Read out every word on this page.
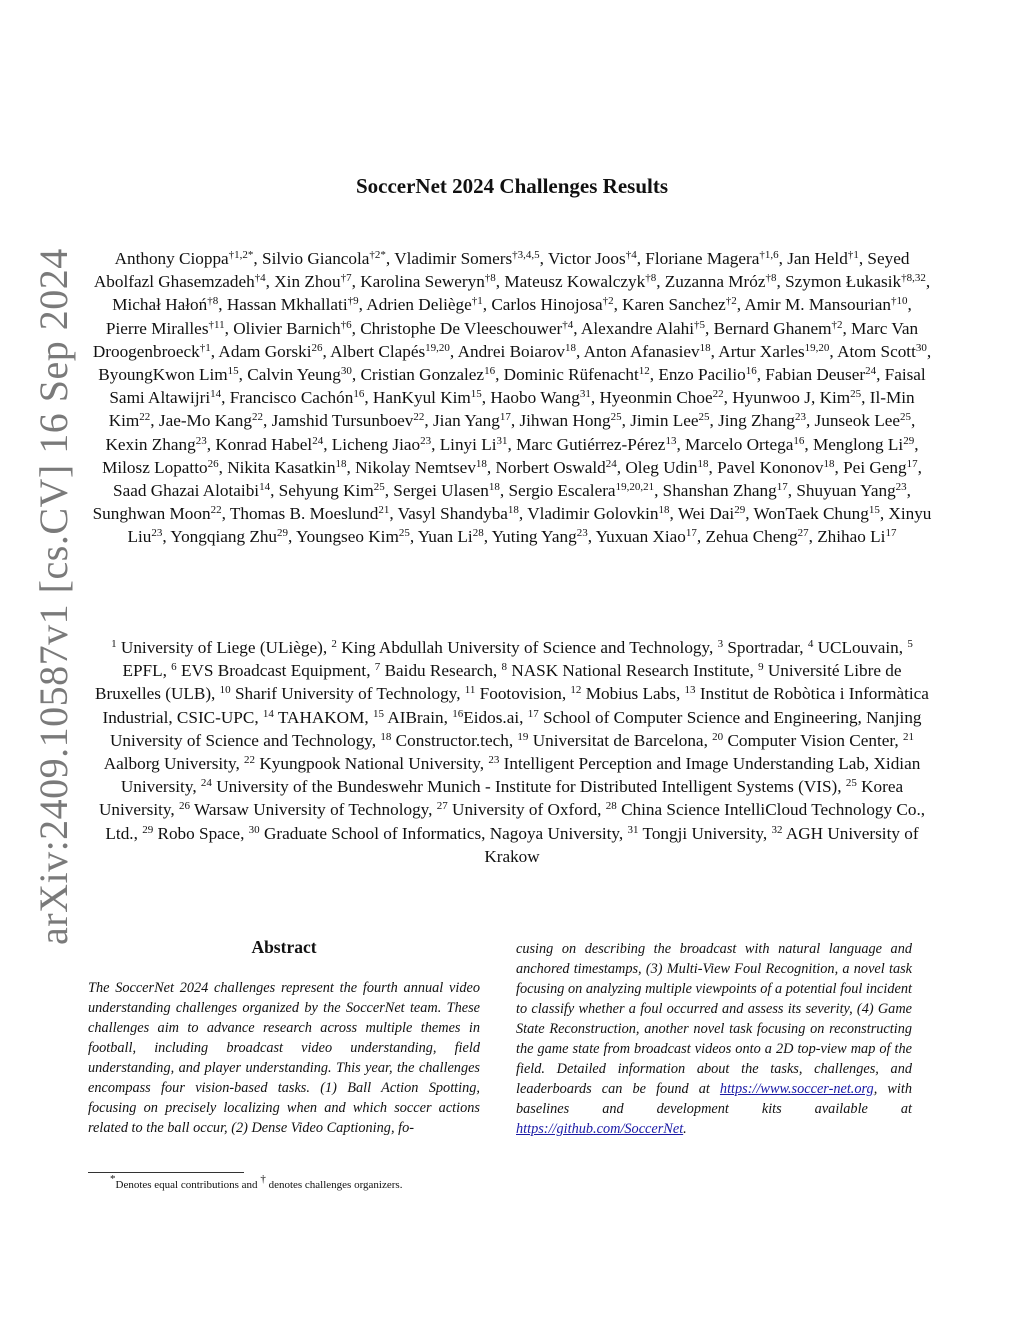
arXiv:2409.10587v1 [cs.CV] 16 Sep 2024
SoccerNet 2024 Challenges Results
Anthony Cioppa$^{\dagger 1,2*}$, Silvio Giancola$^{\dagger 2*}$, Vladimir Somers$^{\dagger 3,4,5}$, Victor Joos$^{\dagger 4}$, Floriane Magera$^{\dagger 1,6}$, Jan Held$^{\dagger 1}$, Seyed Abolfazl Ghasemzadeh$^{\dagger 4}$, Xin Zhou$^{\dagger 7}$, Karolina Seweryn$^{\dagger 8}$, Mateusz Kowalczyk$^{\dagger 8}$, Zuzanna Mróz$^{\dagger 8}$, Szymon Łukasik$^{\dagger 8,32}$, Michał Hałoń$^{\dagger 8}$, Hassan Mkhallati$^{\dagger 9}$, Adrien Deliège$^{\dagger 1}$, Carlos Hinojosa$^{\dagger 2}$, Karen Sanchez$^{\dagger 2}$, Amir M. Mansourian$^{\dagger 10}$, Pierre Miralles$^{\dagger 11}$, Olivier Barnich$^{\dagger 6}$, Christophe De Vleeschouwer$^{\dagger 4}$, Alexandre Alahi$^{\dagger 5}$, Bernard Ghanem$^{\dagger 2}$, Marc Van Droogenbroeck$^{\dagger 1}$, Adam Gorski$^{26}$, Albert Clapés$^{19,20}$, Andrei Boiarov$^{18}$, Anton Afanasiev$^{18}$, Artur Xarles$^{19,20}$, Atom Scott$^{30}$, ByoungKwon Lim$^{15}$, Calvin Yeung$^{30}$, Cristian Gonzalez$^{16}$, Dominic Rüfenacht$^{12}$, Enzo Pacilio$^{16}$, Fabian Deuser$^{24}$, Faisal Sami Altawijri$^{14}$, Francisco Cachón$^{16}$, HanKyul Kim$^{15}$, Haobo Wang$^{31}$, Hyeonmin Choe$^{22}$, Hyunwoo J, Kim$^{25}$, Il-Min Kim$^{22}$, Jae-Mo Kang$^{22}$, Jamshid Tursunboev$^{22}$, Jian Yang$^{17}$, Jihwan Hong$^{25}$, Jimin Lee$^{25}$, Jing Zhang$^{23}$, Junseok Lee$^{25}$, Kexin Zhang$^{23}$, Konrad Habel$^{24}$, Licheng Jiao$^{23}$, Linyi Li$^{31}$, Marc Gutiérrez-Pérez$^{13}$, Marcelo Ortega$^{16}$, Menglong Li$^{29}$, Milosz Lopatto$^{26}$, Nikita Kasatkin$^{18}$, Nikolay Nemtsev$^{18}$, Norbert Oswald$^{24}$, Oleg Udin$^{18}$, Pavel Kononov$^{18}$, Pei Geng$^{17}$, Saad Ghazai Alotaibi$^{14}$, Sehyung Kim$^{25}$, Sergei Ulasen$^{18}$, Sergio Escalera$^{19,20,21}$, Shanshan Zhang$^{17}$, Shuyuan Yang$^{23}$, Sunghwan Moon$^{22}$, Thomas B. Moeslund$^{21}$, Vasyl Shandyba$^{18}$, Vladimir Golovkin$^{18}$, Wei Dai$^{29}$, WonTaek Chung$^{15}$, Xinyu Liu$^{23}$, Yongqiang Zhu$^{29}$, Youngseo Kim$^{25}$, Yuan Li$^{28}$, Yuting Yang$^{23}$, Yuxuan Xiao$^{17}$, Zehua Cheng$^{27}$, Zhihao Li$^{17}$
$^1$ University of Liege (ULiège), $^2$ King Abdullah University of Science and Technology, $^3$ Sportradar, $^4$ UCLouvain, $^5$ EPFL, $^6$ EVS Broadcast Equipment, $^7$ Baidu Research, $^8$ NASK National Research Institute, $^9$ Université Libre de Bruxelles (ULB), $^{10}$ Sharif University of Technology, $^{11}$ Footovision, $^{12}$ Mobius Labs, $^{13}$ Institut de Robòtica i Informàtica Industrial, CSIC-UPC, $^{14}$ TAHAKOM, $^{15}$ AIBrain, $^{16}$Eidos.ai, $^{17}$ School of Computer Science and Engineering, Nanjing University of Science and Technology, $^{18}$ Constructor.tech, $^{19}$ Universitat de Barcelona, $^{20}$ Computer Vision Center, $^{21}$ Aalborg University, $^{22}$ Kyungpook National University, $^{23}$ Intelligent Perception and Image Understanding Lab, Xidian University, $^{24}$ University of the Bundeswehr Munich - Institute for Distributed Intelligent Systems (VIS), $^{25}$ Korea University, $^{26}$ Warsaw University of Technology, $^{27}$ University of Oxford, $^{28}$ China Science IntelliCloud Technology Co., Ltd., $^{29}$ Robo Space, $^{30}$ Graduate School of Informatics, Nagoya University, $^{31}$ Tongji University, $^{32}$ AGH University of Krakow
Abstract
The SoccerNet 2024 challenges represent the fourth annual video understanding challenges organized by the SoccerNet team. These challenges aim to advance research across multiple themes in football, including broadcast video understanding, field understanding, and player understanding. This year, the challenges encompass four vision-based tasks. (1) Ball Action Spotting, focusing on precisely localizing when and which soccer actions related to the ball occur, (2) Dense Video Captioning, fo-
cusing on describing the broadcast with natural language and anchored timestamps, (3) Multi-View Foul Recognition, a novel task focusing on analyzing multiple viewpoints of a potential foul incident to classify whether a foul occurred and assess its severity, (4) Game State Reconstruction, another novel task focusing on reconstructing the game state from broadcast videos onto a 2D top-view map of the field. Detailed information about the tasks, challenges, and leaderboards can be found at https://www.soccer-net.org, with baselines and development kits available at https://github.com/SoccerNet.
*Denotes equal contributions and † denotes challenges organizers.
